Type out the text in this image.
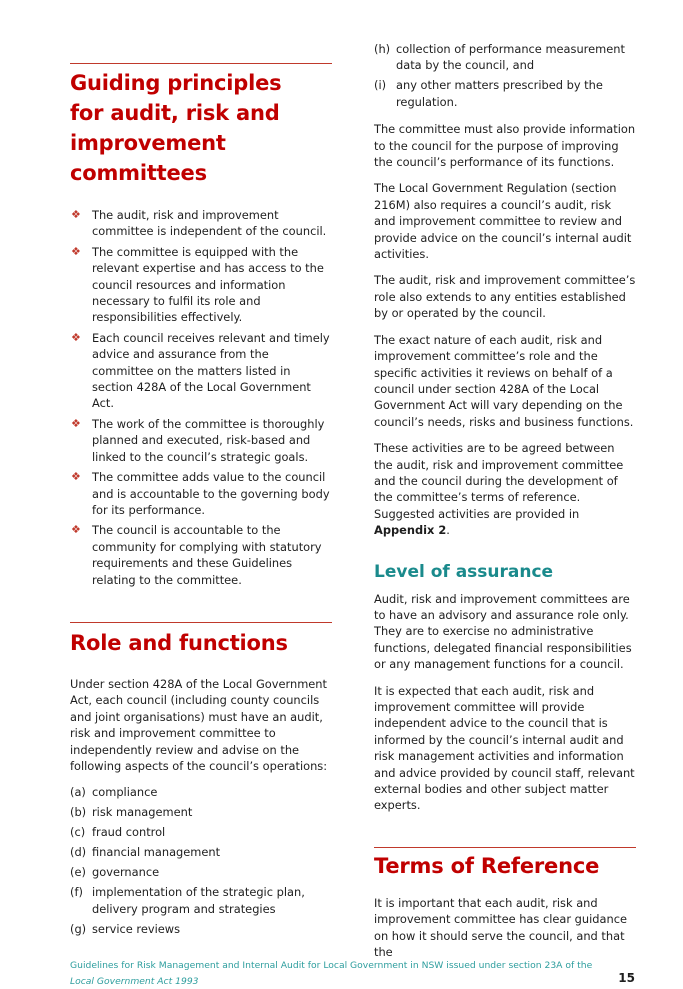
Guiding principles for audit, risk and improvement committees
❖ The audit, risk and improvement committee is independent of the council.
❖ The committee is equipped with the relevant expertise and has access to the council resources and information necessary to fulfil its role and responsibilities effectively.
❖ Each council receives relevant and timely advice and assurance from the committee on the matters listed in section 428A of the Local Government Act.
❖ The work of the committee is thoroughly planned and executed, risk-based and linked to the council’s strategic goals.
❖ The committee adds value to the council and is accountable to the governing body for its performance.
❖ The council is accountable to the community for complying with statutory requirements and these Guidelines relating to the committee.
Role and functions

Under section 428A of the Local Government Act, each council (including county councils and joint organisations) must have an audit, risk and improvement committee to independently review and advise on the following aspects of the council’s operations:

(a) compliance
(b) risk management
(c) fraud control
(d) financial management
(e) governance
(f) implementation of the strategic plan, delivery program and strategies
(g) service reviews
(h) collection of performance measurement data by the council, and
(i) any other matters prescribed by the regulation.

The committee must also provide information to the council for the purpose of improving the council’s performance of its functions.

The Local Government Regulation (section 216M) also requires a council’s audit, risk and improvement committee to review and provide advice on the council’s internal audit activities.

The audit, risk and improvement committee’s role also extends to any entities established by or operated by the council.

The exact nature of each audit, risk and improvement committee’s role and the specific activities it reviews on behalf of a council under section 428A of the Local Government Act will vary depending on the council’s needs, risks and business functions.

These activities are to be agreed between the audit, risk and improvement committee and the council during the development of the committee’s terms of reference. Suggested activities are provided in Appendix 2.

Level of assurance

Audit, risk and improvement committees are to have an advisory and assurance role only. They are to exercise no administrative functions, delegated financial responsibilities or any management functions for a council.

It is expected that each audit, risk and improvement committee will provide independent advice to the council that is informed by the council’s internal audit and risk management activities and information and advice provided by council staff, relevant external bodies and other subject matter experts.

Terms of Reference

It is important that each audit, risk and improvement committee has clear guidance on how it should serve the council, and that the

Guidelines for Risk Management and Internal Audit for Local Government in NSW issued under section 23A of the Local Government Act 1993	15
